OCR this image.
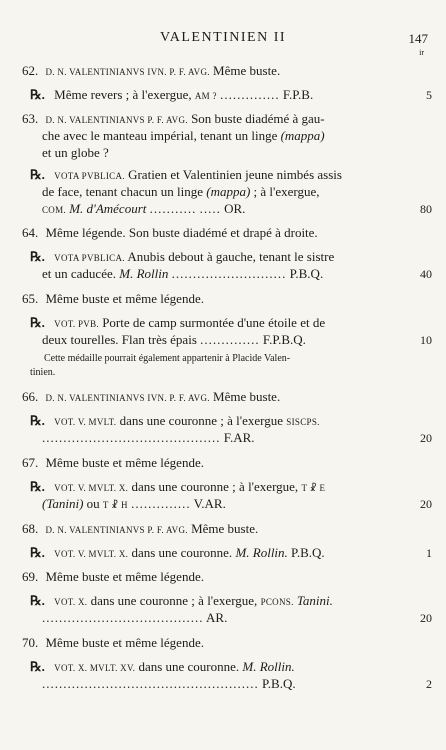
VALENTINIEN II	147
ir
62. D. N. VALENTINIANVS IVN. P. F. AVG. Même buste.
℞. Même revers ; à l'exergue, AM ? .............. F.P.B.	5
63. D. N. VALENTINIANVS P. F. AVG. Son buste diadémé à gau-
che avec le manteau impérial, tenant un linge (mappa)
et un globe ?
℞. VOTA PVBLICA. Gratien et Valentinien jeune nimbés assis
de face, tenant chacun un linge (mappa) ; à l'exergue,
COM. M. d'Amécourt ........... ..... OR.	80
64. Même légende. Son buste diadémé et drapé à droite.
℞. VOTA PVBLICA. Anubis debout à gauche, tenant le sistre
et un caducée. M. Rollin ........................... P.B.Q.	40
65. Même buste et même légende.
℞. VOT. PVB. Porte de camp surmontée d'une étoile et de
deux tourelles. Flan très épais .............. F.P.B.Q.	10
Cette médaille pourrait également appartenir à Placide Valen-
tinien.
66. D. N. VALENTINIANVS IVN. P. F. AVG. Même buste.
℞. VOT. V. MVLT. dans une couronne ; à l'exergue SISCPS.
.......................................... F.AR.	20
67. Même buste et même légende.
℞. VOT. V. MVLT. X. dans une couronne ; à l'exergue, T ☧ E
(Tanini) ou T ☧ H .............. V.AR.	20
68. D. N. VALENTINIANVS P. F. AVG. Même buste.
℞. VOT. V. MVLT. X. dans une couronne. M. Rollin. P.B.Q.	1
69. Même buste et même légende.
℞. VOT. X. dans une couronne ; à l'exergue, PCONS. Tanini.
...................................... AR.	20
70. Même buste et même légende.
℞. VOT. X. MVLT. XV. dans une couronne. M. Rollin.
................................................... P.B.Q.	2
